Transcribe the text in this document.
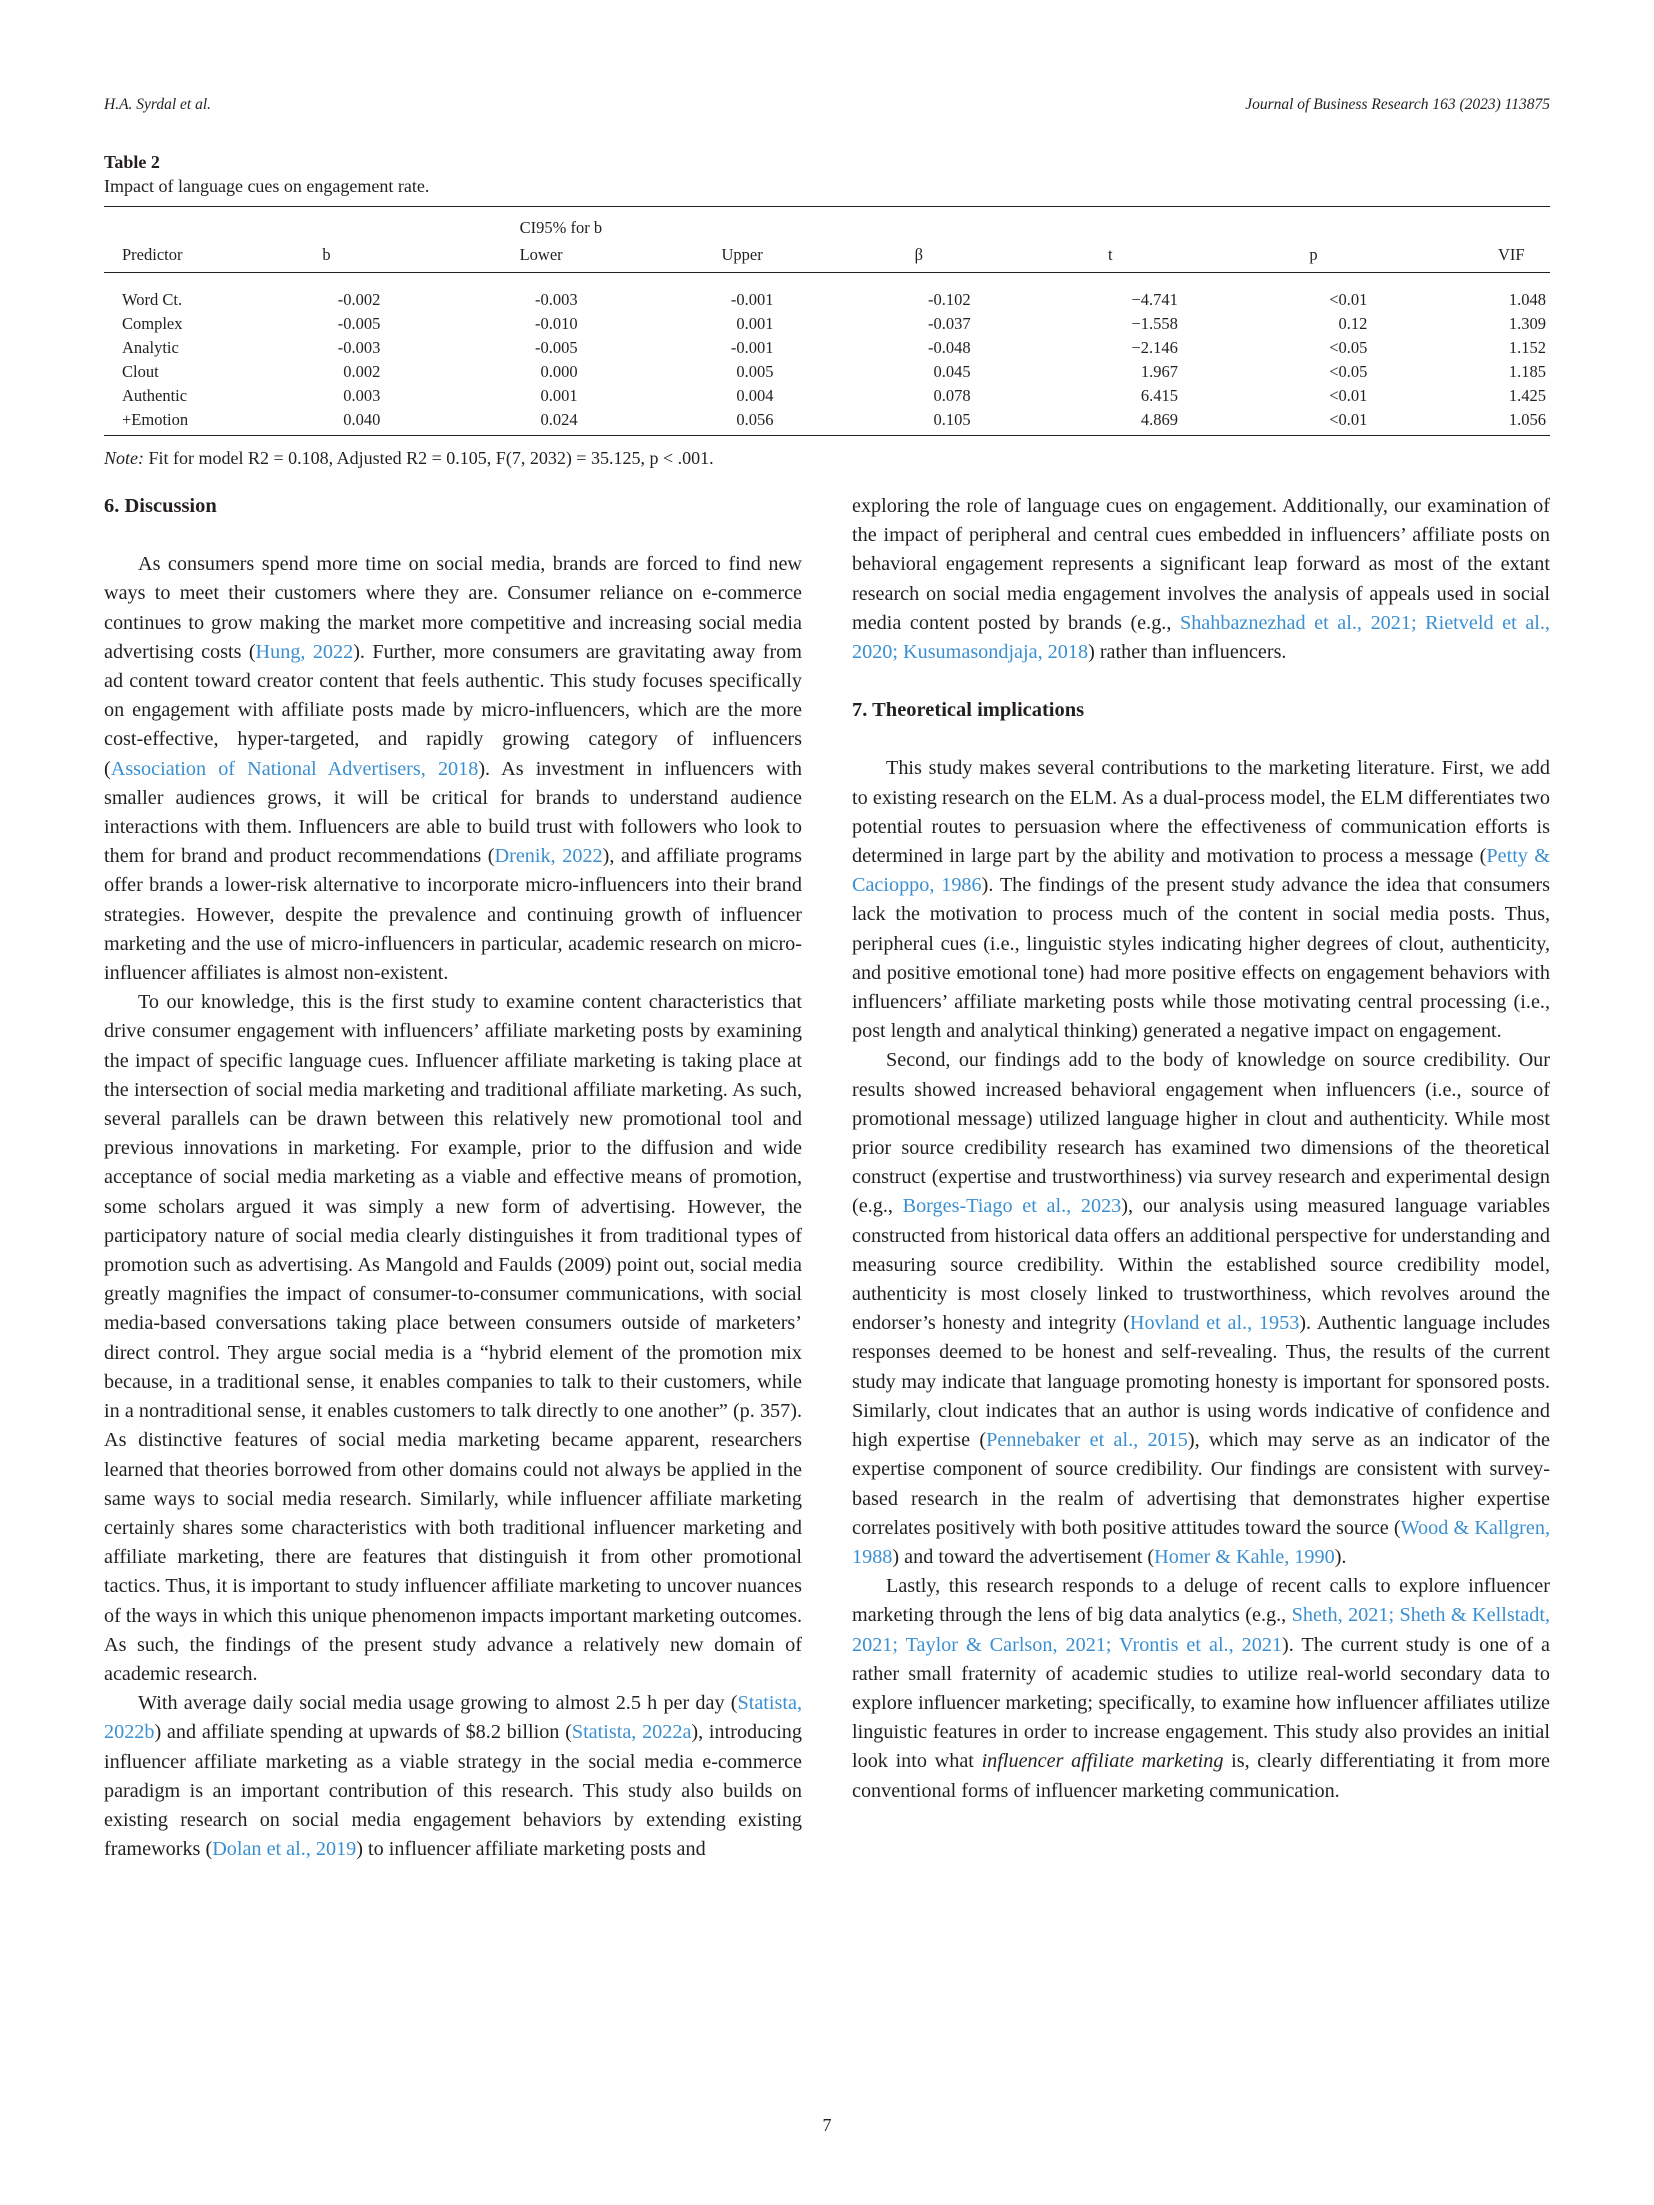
H.A. Syrdal et al.	Journal of Business Research 163 (2023) 113875
Table 2
Impact of language cues on engagement rate.
		CI95% for b					
Predictor	b	Lower	Upper	β	t	p	VIF
Word Ct.	-0.002	-0.003	-0.001	-0.102	−4.741	<0.01	1.048
Complex	-0.005	-0.010	0.001	-0.037	−1.558	0.12	1.309
Analytic	-0.003	-0.005	-0.001	-0.048	−2.146	<0.05	1.152
Clout	0.002	0.000	0.005	0.045	1.967	<0.05	1.185
Authentic	0.003	0.001	0.004	0.078	6.415	<0.01	1.425
+Emotion	0.040	0.024	0.056	0.105	4.869	<0.01	1.056
Note: Fit for model R2 = 0.108, Adjusted R2 = 0.105, F(7, 2032) = 35.125, p < .001.
6. Discussion

As consumers spend more time on social media, brands are forced to find new ways to meet their customers where they are. Consumer reliance on e-commerce continues to grow making the market more competitive and increasing social media advertising costs (Hung, 2022). Further, more consumers are gravitating away from ad content toward creator content that feels authentic. This study focuses specifically on engagement with affiliate posts made by micro-influencers, which are the more cost-effective, hyper-targeted, and rapidly growing category of influencers (Association of National Advertisers, 2018). As investment in influencers with smaller audiences grows, it will be critical for brands to understand audience interactions with them. Influencers are able to build trust with followers who look to them for brand and product recommendations (Drenik, 2022), and affiliate programs offer brands a lower-risk alternative to incorporate micro-influencers into their brand strategies. However, despite the prevalence and continuing growth of influencer marketing and the use of micro-influencers in particular, academic research on micro-influencer affiliates is almost non-existent.

To our knowledge, this is the first study to examine content characteristics that drive consumer engagement with influencers’ affiliate marketing posts by examining the impact of specific language cues. Influencer affiliate marketing is taking place at the intersection of social media marketing and traditional affiliate marketing. As such, several parallels can be drawn between this relatively new promotional tool and previous innovations in marketing. For example, prior to the diffusion and wide acceptance of social media marketing as a viable and effective means of promotion, some scholars argued it was simply a new form of advertising. However, the participatory nature of social media clearly distinguishes it from traditional types of promotion such as advertising. As Mangold and Faulds (2009) point out, social media greatly magnifies the impact of consumer-to-consumer communications, with social media-based conversations taking place between consumers outside of marketers’ direct control. They argue social media is a “hybrid element of the promotion mix because, in a traditional sense, it enables companies to talk to their customers, while in a nontraditional sense, it enables customers to talk directly to one another” (p. 357). As distinctive features of social media marketing became apparent, researchers learned that theories borrowed from other domains could not always be applied in the same ways to social media research. Similarly, while influencer affiliate marketing certainly shares some characteristics with both traditional influencer marketing and affiliate marketing, there are features that distinguish it from other promotional tactics. Thus, it is important to study influencer affiliate marketing to uncover nuances of the ways in which this unique phenomenon impacts important marketing outcomes. As such, the findings of the present study advance a relatively new domain of academic research.

With average daily social media usage growing to almost 2.5 h per day (Statista, 2022b) and affiliate spending at upwards of $8.2 billion (Statista, 2022a), introducing influencer affiliate marketing as a viable strategy in the social media e-commerce paradigm is an important contribution of this research. This study also builds on existing research on social media engagement behaviors by extending existing frameworks (Dolan et al., 2019) to influencer affiliate marketing posts and

exploring the role of language cues on engagement. Additionally, our examination of the impact of peripheral and central cues embedded in influencers’ affiliate posts on behavioral engagement represents a significant leap forward as most of the extant research on social media engagement involves the analysis of appeals used in social media content posted by brands (e.g., Shahbaznezhad et al., 2021; Rietveld et al., 2020; Kusumasondjaja, 2018) rather than influencers.

7. Theoretical implications

This study makes several contributions to the marketing literature. First, we add to existing research on the ELM. As a dual-process model, the ELM differentiates two potential routes to persuasion where the effectiveness of communication efforts is determined in large part by the ability and motivation to process a message (Petty & Cacioppo, 1986). The findings of the present study advance the idea that consumers lack the motivation to process much of the content in social media posts. Thus, peripheral cues (i.e., linguistic styles indicating higher degrees of clout, authenticity, and positive emotional tone) had more positive effects on engagement behaviors with influencers’ affiliate marketing posts while those motivating central processing (i.e., post length and analytical thinking) generated a negative impact on engagement.

Second, our findings add to the body of knowledge on source credibility. Our results showed increased behavioral engagement when influencers (i.e., source of promotional message) utilized language higher in clout and authenticity. While most prior source credibility research has examined two dimensions of the theoretical construct (expertise and trustworthiness) via survey research and experimental design (e.g., Borges-Tiago et al., 2023), our analysis using measured language variables constructed from historical data offers an additional perspective for understanding and measuring source credibility. Within the established source credibility model, authenticity is most closely linked to trustworthiness, which revolves around the endorser’s honesty and integrity (Hovland et al., 1953). Authentic language includes responses deemed to be honest and self-revealing. Thus, the results of the current study may indicate that language promoting honesty is important for sponsored posts. Similarly, clout indicates that an author is using words indicative of confidence and high expertise (Pennebaker et al., 2015), which may serve as an indicator of the expertise component of source credibility. Our findings are consistent with survey-based research in the realm of advertising that demonstrates higher expertise correlates positively with both positive attitudes toward the source (Wood & Kallgren, 1988) and toward the advertisement (Homer & Kahle, 1990).

Lastly, this research responds to a deluge of recent calls to explore influencer marketing through the lens of big data analytics (e.g., Sheth, 2021; Sheth & Kellstadt, 2021; Taylor & Carlson, 2021; Vrontis et al., 2021). The current study is one of a rather small fraternity of academic studies to utilize real-world secondary data to explore influencer marketing; specifically, to examine how influencer affiliates utilize linguistic features in order to increase engagement. This study also provides an initial look into what influencer affiliate marketing is, clearly differentiating it from more conventional forms of influencer marketing communication.

7
